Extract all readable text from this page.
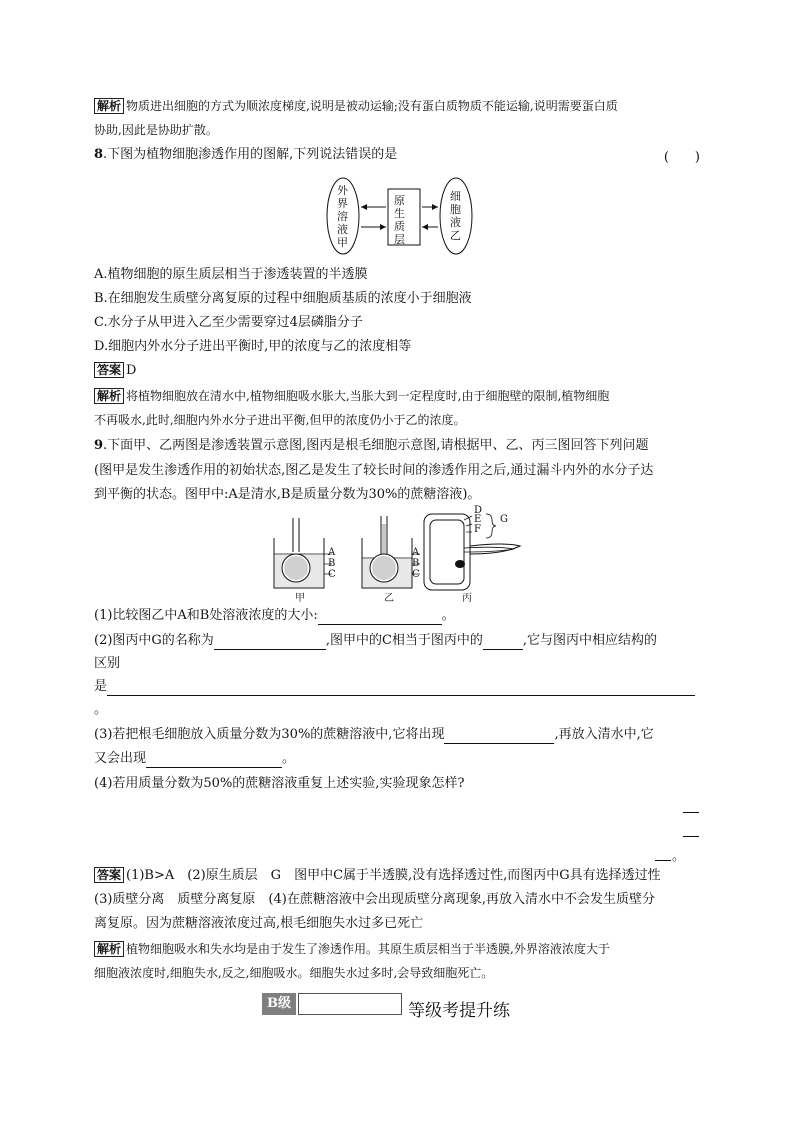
解析 物质进出细胞的方式为顺浓度梯度,说明是被动运输;没有蛋白质物质不能运输,说明需要蛋白质
协助,因此是协助扩散。
8.下图为植物细胞渗透作用的图解,下列说法错误的是	(　　)
外界溶液甲
原生质层
细胞液乙
A.植物细胞的原生质层相当于渗透装置的半透膜
B.在细胞发生质壁分离复原的过程中细胞质基质的浓度小于细胞液
C.水分子从甲进入乙至少需要穿过4层磷脂分子
D.细胞内外水分子进出平衡时,甲的浓度与乙的浓度相等
答案 D
解析 将植物细胞放在清水中,植物细胞吸水胀大,当胀大到一定程度时,由于细胞壁的限制,植物细胞
不再吸水,此时,细胞内外水分子进出平衡,但甲的浓度仍小于乙的浓度。
9.下面甲、乙两图是渗透装置示意图,图丙是根毛细胞示意图,请根据甲、乙、丙三图回答下列问题
(图甲是发生渗透作用的初始状态,图乙是发生了较长时间的渗透作用之后,通过漏斗内外的水分子达
到平衡的状态。图甲中:A是清水,B是质量分数为30%的蔗糖溶液)。
A
B
C
A
B
C
D
E
F
G
甲	乙	丙
(1)比较图乙中A和B处溶液浓度的大小:	。
(2)图丙中G的名称为	,图甲中的C相当于图丙中的	,它与图丙中相应结构的
区别
是
。
(3)若把根毛细胞放入质量分数为30%的蔗糖溶液中,它将出现	,再放入清水中,它
又会出现	。
(4)若用质量分数为50%的蔗糖溶液重复上述实验,实验现象怎样?
。
答案 (1)B>A　(2)原生质层　G　图甲中C属于半透膜,没有选择透过性,而图丙中G具有选择透过性
(3)质壁分离　质壁分离复原　(4)在蔗糖溶液中会出现质壁分离现象,再放入清水中不会发生质壁分
离复原。因为蔗糖溶液浓度过高,根毛细胞失水过多已死亡
解析 植物细胞吸水和失水均是由于发生了渗透作用。其原生质层相当于半透膜,外界溶液浓度大于
细胞液浓度时,细胞失水,反之,细胞吸水。细胞失水过多时,会导致细胞死亡。
B级	等级考提升练
